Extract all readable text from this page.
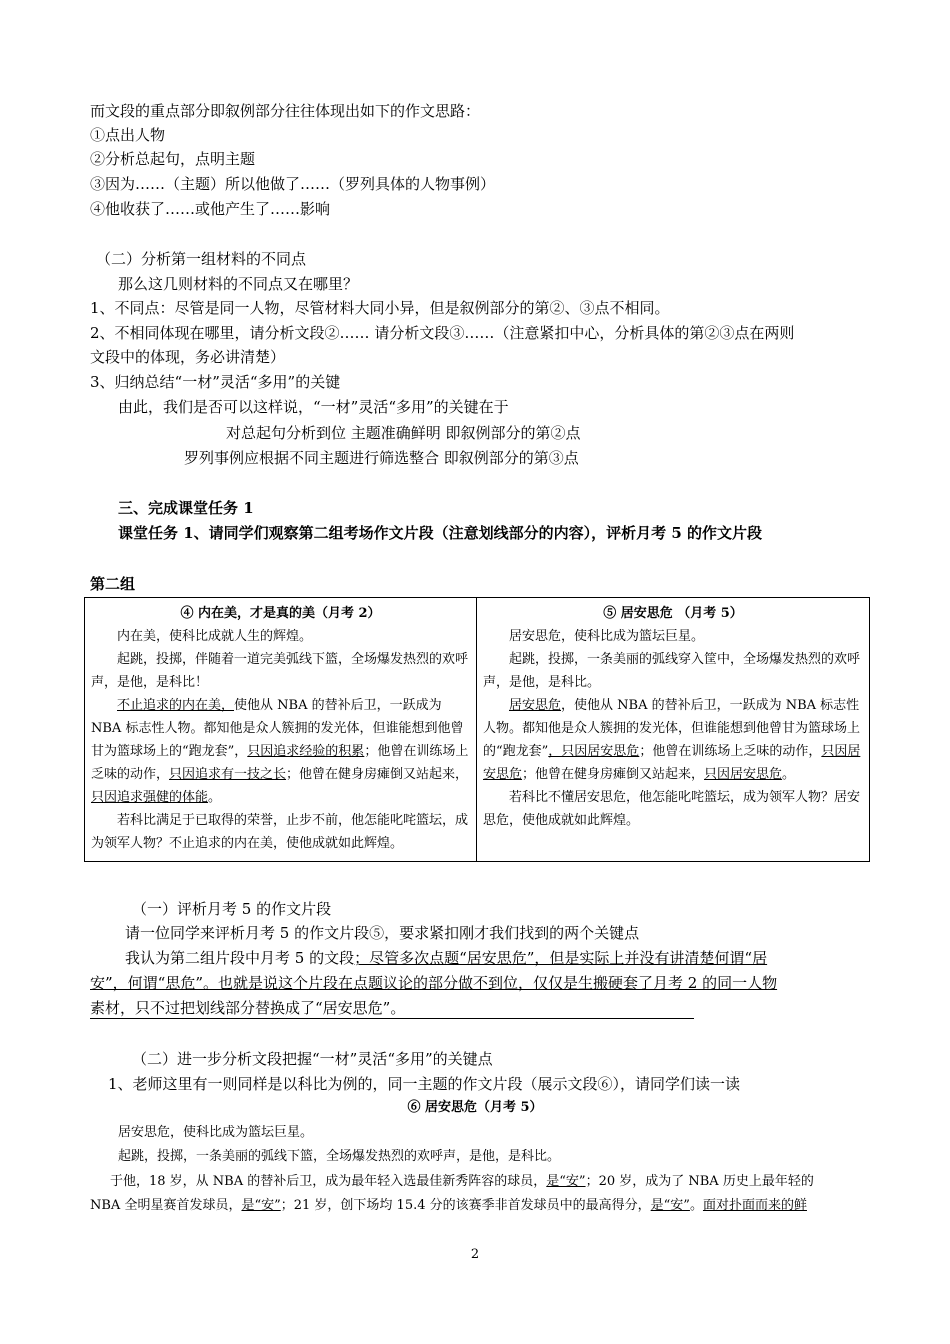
而文段的重点部分即叙例部分往往体现出如下的作文思路：
①点出人物
②分析总起句，点明主题
③因为……（主题）所以他做了……（罗列具体的人物事例）
④他收获了……或他产生了……影响
（二）分析第一组材料的不同点
那么这几则材料的不同点又在哪里？
1、不同点：尽管是同一人物，尽管材料大同小异，但是叙例部分的第②、③点不相同。
2、不相同体现在哪里，请分析文段②…… 请分析文段③……（注意紧扣中心，分析具体的第②③点在两则
文段中的体现，务必讲清楚）
3、归纳总结“一材”灵活“多用”的关键
由此，我们是否可以这样说，“一材”灵活“多用”的关键在于
对总起句分析到位 主题准确鲜明 即叙例部分的第②点
罗列事例应根据不同主题进行筛选整合 即叙例部分的第③点
三、完成课堂任务 1
课堂任务 1、请同学们观察第二组考场作文片段（注意划线部分的内容），评析月考 5 的作文片段
第二组
④ 内在美，才是真的美（月考 2）

内在美，使科比成就人生的辉煌。

起跳，投掷，伴随着一道完美弧线下篮，全场爆发热烈的欢呼声，是他，是科比！

不止追求的内在美，使他从 NBA 的替补后卫，一跃成为 NBA 标志性人物。都知他是众人簇拥的发光体，但谁能想到他曾甘为篮球场上的“跑龙套”，只因追求经验的积累；他曾在训练场上乏味的动作，只因追求有一技之长；他曾在健身房瘫倒又站起来，只因追求强健的体能。

若科比满足于已取得的荣誉，止步不前，他怎能叱咤篮坛，成为领军人物？不止追求的内在美，使他成就如此辉煌。

⑤ 居安思危 （月考 5）

居安思危，使科比成为篮坛巨星。

起跳，投掷，一条美丽的弧线穿入筐中，全场爆发热烈的欢呼声，是他，是科比。

居安思危，使他从 NBA 的替补后卫，一跃成为 NBA 标志性人物。都知他是众人簇拥的发光体，但谁能想到他曾甘为篮球场上的“跑龙套”，只因居安思危；他曾在训练场上乏味的动作，只因居安思危；他曾在健身房瘫倒又站起来，只因居安思危。

若科比不懂居安思危，他怎能叱咤篮坛，成为领军人物？居安思危，使他成就如此辉煌。

（一）评析月考 5 的作文片段
请一位同学来评析月考 5 的作文片段⑤，要求紧扣刚才我们找到的两个关键点
我认为第二组片段中月考 5 的文段；尽管多次点题“居安思危”，但是实际上并没有讲清楚何谓“居
安”，何谓“思危”。也就是说这个片段在点题议论的部分做不到位，仅仅是生搬硬套了月考 2 的同一人物
素材，只不过把划线部分替换成了“居安思危”。
（二）进一步分析文段把握“一材”灵活“多用”的关键点
1、老师这里有一则同样是以科比为例的，同一主题的作文片段（展示文段⑥），请同学们读一读
⑥ 居安思危（月考 5）
居安思危，使科比成为篮坛巨星。
起跳，投掷，一条美丽的弧线下篮，全场爆发热烈的欢呼声，是他，是科比。
于他，18 岁，从 NBA 的替补后卫，成为最年轻入选最佳新秀阵容的球员，是“安”；20 岁，成为了 NBA 历史上最年轻的
NBA 全明星赛首发球员，是“安”；21 岁，创下场均 15.4 分的该赛季非首发球员中的最高得分，是“安”。面对扑面而来的鲜
2
